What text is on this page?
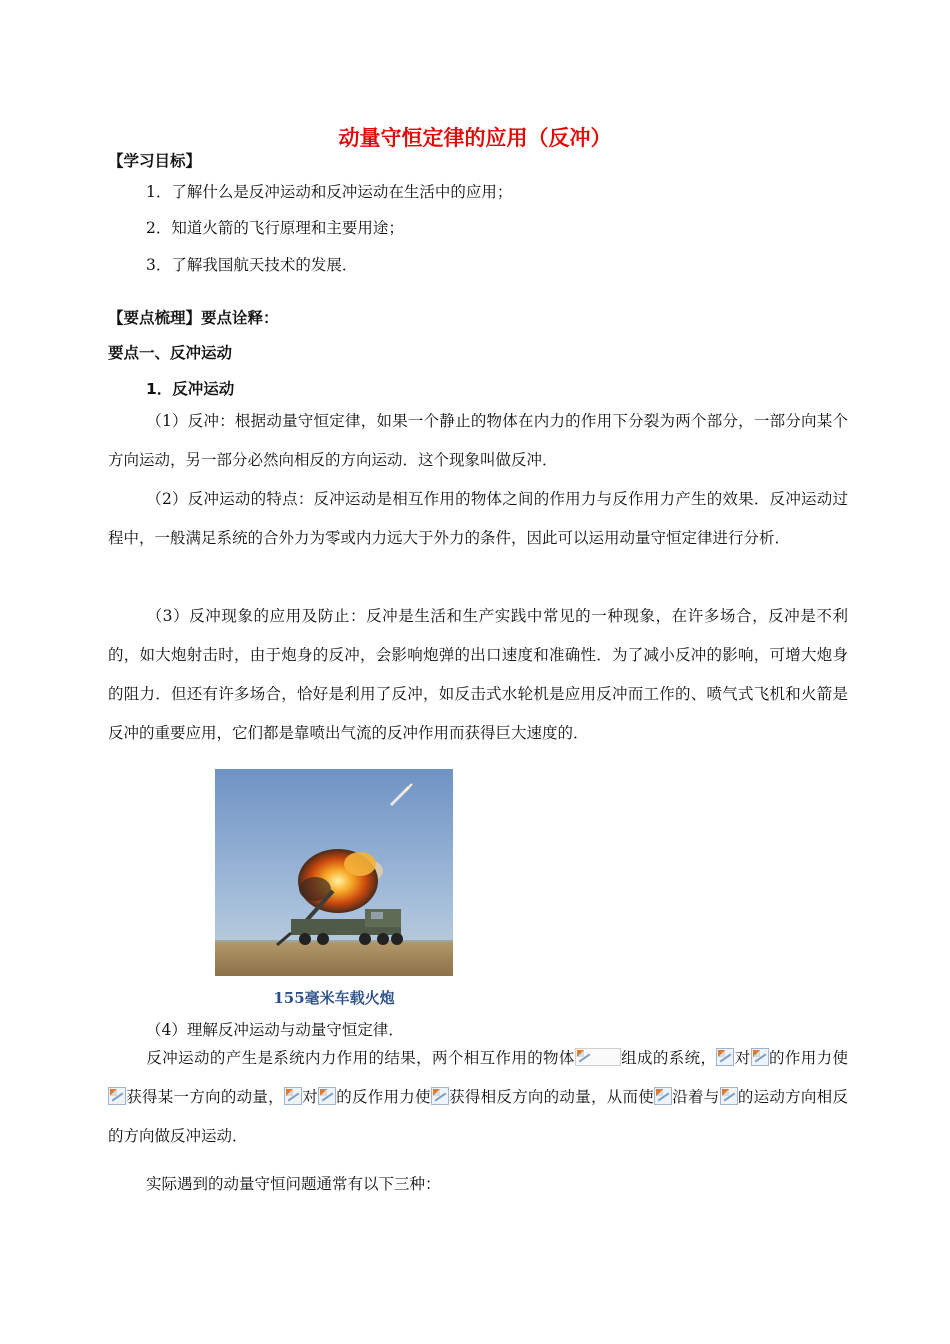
动量守恒定律的应用（反冲）
【学习目标】
1．了解什么是反冲运动和反冲运动在生活中的应用；
2．知道火箭的飞行原理和主要用途；
3．了解我国航天技术的发展．
【要点梳理】要点诠释：
要点一、反冲运动
1．反冲运动
（1）反冲：根据动量守恒定律，如果一个静止的物体在内力的作用下分裂为两个部分，一部分向某个方向运动，另一部分必然向相反的方向运动．这个现象叫做反冲．
（2）反冲运动的特点：反冲运动是相互作用的物体之间的作用力与反作用力产生的效果．反冲运动过程中，一般满足系统的合外力为零或内力远大于外力的条件，因此可以运用动量守恒定律进行分析．
（3）反冲现象的应用及防止：反冲是生活和生产实践中常见的一种现象，在许多场合，反冲是不利的，如大炮射击时，由于炮身的反冲，会影响炮弹的出口速度和准确性．为了减小反冲的影响，可增大炮身的阻力．但还有许多场合，恰好是利用了反冲，如反击式水轮机是应用反冲而工作的、喷气式飞机和火箭是反冲的重要应用，它们都是靠喷出气流的反冲作用而获得巨大速度的．
155毫米车载火炮
（4）理解反冲运动与动量守恒定律．
反冲运动的产生是系统内力作用的结果，两个相互作用的物体	组成的系统， 对 的作用力使获得某一方向的动量， 对 的反作用力使 获得相反方向的动量，从而使 沿着与 的运动方向相反的方向做反冲运动．
实际遇到的动量守恒问题通常有以下三种：
